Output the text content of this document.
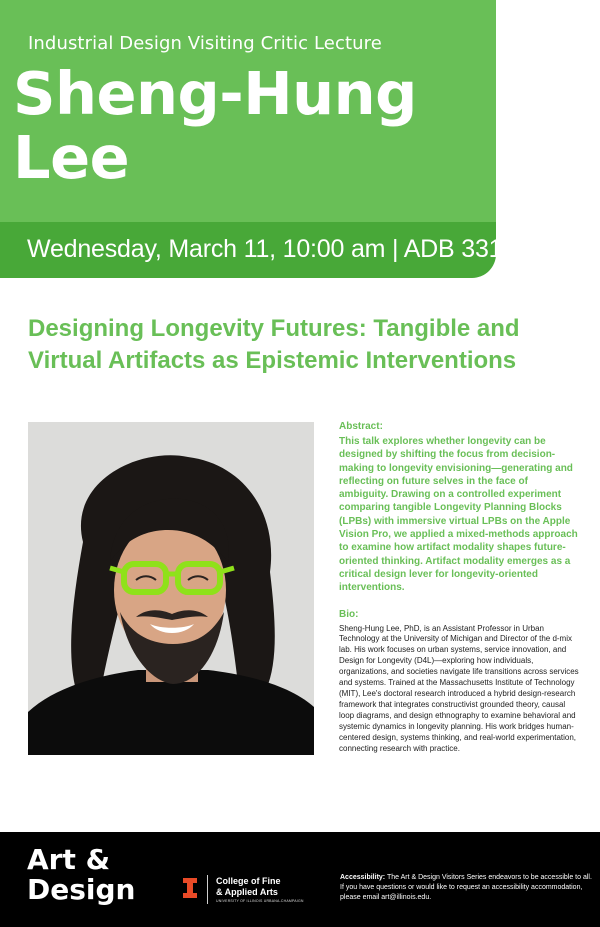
Industrial Design Visiting Critic Lecture
Sheng-Hung Lee
Wednesday, March 11, 10:00 am | ADB 331
Designing Longevity Futures: Tangible and Virtual Artifacts as Epistemic Interventions
Abstract:
This talk explores whether longevity can be designed by shifting the focus from decision-making to longevity envisioning—generating and reflecting on future selves in the face of ambiguity. Drawing on a controlled experiment comparing tangible Longevity Planning Blocks (LPBs) with immersive virtual LPBs on the Apple Vision Pro, we applied a mixed-methods approach to examine how artifact modality shapes future-oriented thinking. Artifact modality emerges as a critical design lever for longevity-oriented interventions.
Bio:
Sheng-Hung Lee, PhD, is an Assistant Professor in Urban Technology at the University of Michigan and Director of the d-mix lab. His work focuses on urban systems, service innovation, and Design for Longevity (D4L)—exploring how individuals, organizations, and societies navigate life transitions across services and systems. Trained at the Massachusetts Institute of Technology (MIT), Lee's doctoral research introduced a hybrid design-research framework that integrates constructivist grounded theory, causal loop diagrams, and design ethnography to examine behavioral and systemic dynamics in longevity planning. His work bridges human-centered design, systems thinking, and real-world experimentation, connecting research with practice.
Art &
Design	College of Fine
& Applied Arts
UNIVERSITY OF ILLINOIS URBANA-CHAMPAIGN
Accessibility: The Art & Design Visitors Series endeavors to be accessible to all. If you have questions or would like to request an accessibility accommodation, please email art@illinois.edu.
